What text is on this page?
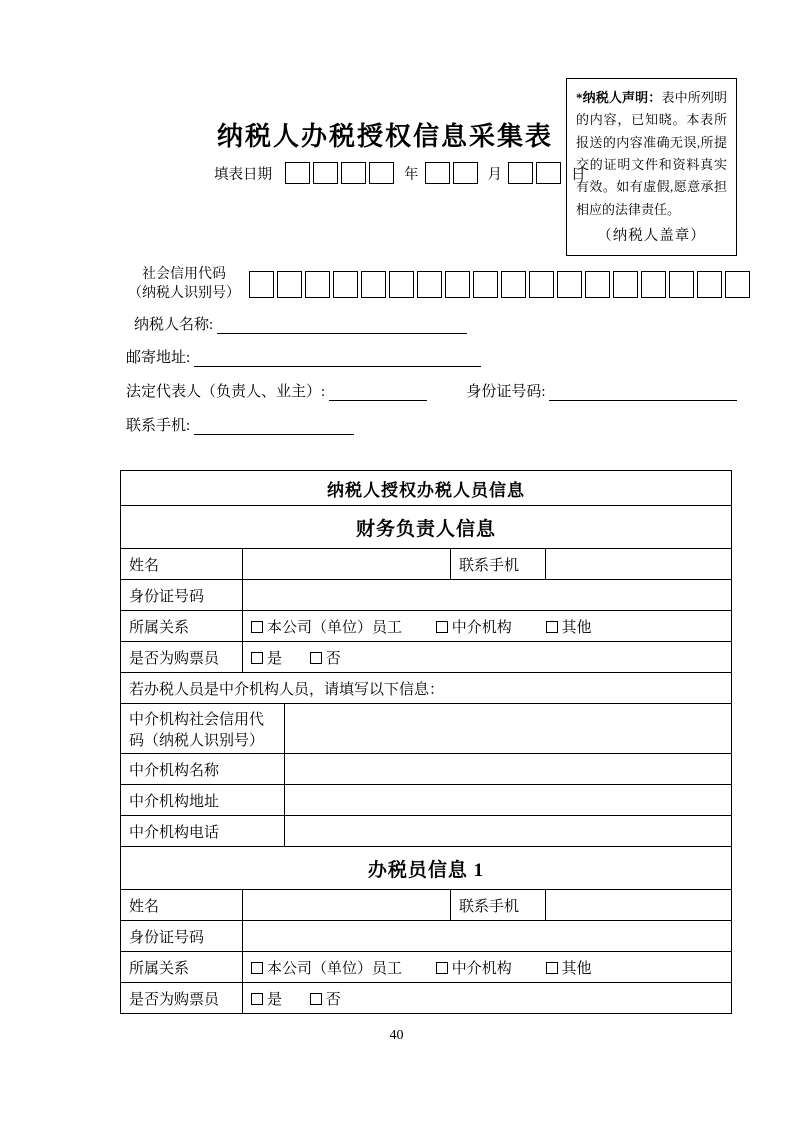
*纳税人声明：表中所列明的内容，已知晓。本表所报送的内容准确无误,所提交的证明文件和资料真实有效。如有虚假,愿意承担相应的法律责任。
（纳税人盖章）
纳税人办税授权信息采集表
填表日期	年	月	日
社会信用代码
（纳税人识别号）
纳税人名称:
邮寄地址:
法定代表人（负责人、业主）:	身份证号码:
联系手机:
纳税人授权办税人员信息				
财务负责人信息				
姓名			联系手机	
身份证号码				
所属关系	本公司（单位）员工 中介机构 其他			
是否为购票员	是 否			
若办税人员是中介机构人员，请填写以下信息：				
中介机构社会信用代码（纳税人识别号）				
中介机构名称				
中介机构地址				
中介机构电话				
办税员信息 1				
姓名			联系手机	
身份证号码				
所属关系	本公司（单位）员工 中介机构 其他			
是否为购票员	是 否			
40
